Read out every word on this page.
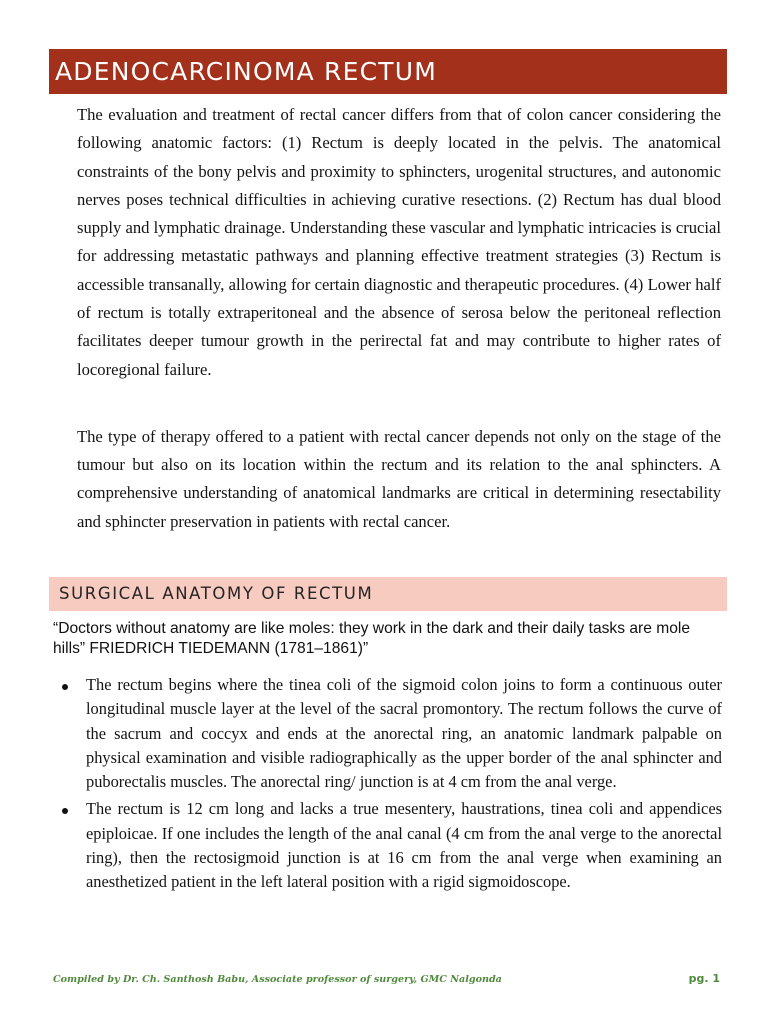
ADENOCARCINOMA RECTUM

The evaluation and treatment of rectal cancer differs from that of colon cancer considering the following anatomic factors: (1) Rectum is deeply located in the pelvis. The anatomical constraints of the bony pelvis and proximity to sphincters, urogenital structures, and autonomic nerves poses technical difficulties in achieving curative resections. (2) Rectum has dual blood supply and lymphatic drainage. Understanding these vascular and lymphatic intricacies is crucial for addressing metastatic pathways and planning effective treatment strategies (3) Rectum is accessible transanally, allowing for certain diagnostic and therapeutic procedures. (4) Lower half of rectum is totally extraperitoneal and the absence of serosa below the peritoneal reflection facilitates deeper tumour growth in the perirectal fat and may contribute to higher rates of locoregional failure.

The type of therapy offered to a patient with rectal cancer depends not only on the stage of the tumour but also on its location within the rectum and its relation to the anal sphincters. A comprehensive understanding of anatomical landmarks are critical in determining resectability and sphincter preservation in patients with rectal cancer.

SURGICAL ANATOMY OF RECTUM

“Doctors without anatomy are like moles: they work in the dark and their daily tasks are mole hills” FRIEDRICH TIEDEMANN (1781–1861)”

The rectum begins where the tinea coli of the sigmoid colon joins to form a continuous outer longitudinal muscle layer at the level of the sacral promontory. The rectum follows the curve of the sacrum and coccyx and ends at the anorectal ring, an anatomic landmark palpable on physical examination and visible radiographically as the upper border of the anal sphincter and puborectalis muscles. The anorectal ring/ junction is at 4 cm from the anal verge.
The rectum is 12 cm long and lacks a true mesentery, haustrations, tinea coli and appendices epiploicae. If one includes the length of the anal canal (4 cm from the anal verge to the anorectal ring), then the rectosigmoid junction is at 16 cm from the anal verge when examining an anesthetized patient in the left lateral position with a rigid sigmoidoscope.
Compiled by Dr. Ch. Santhosh Babu, Associate professor of surgery, GMC Nalgonda	pg. 1
